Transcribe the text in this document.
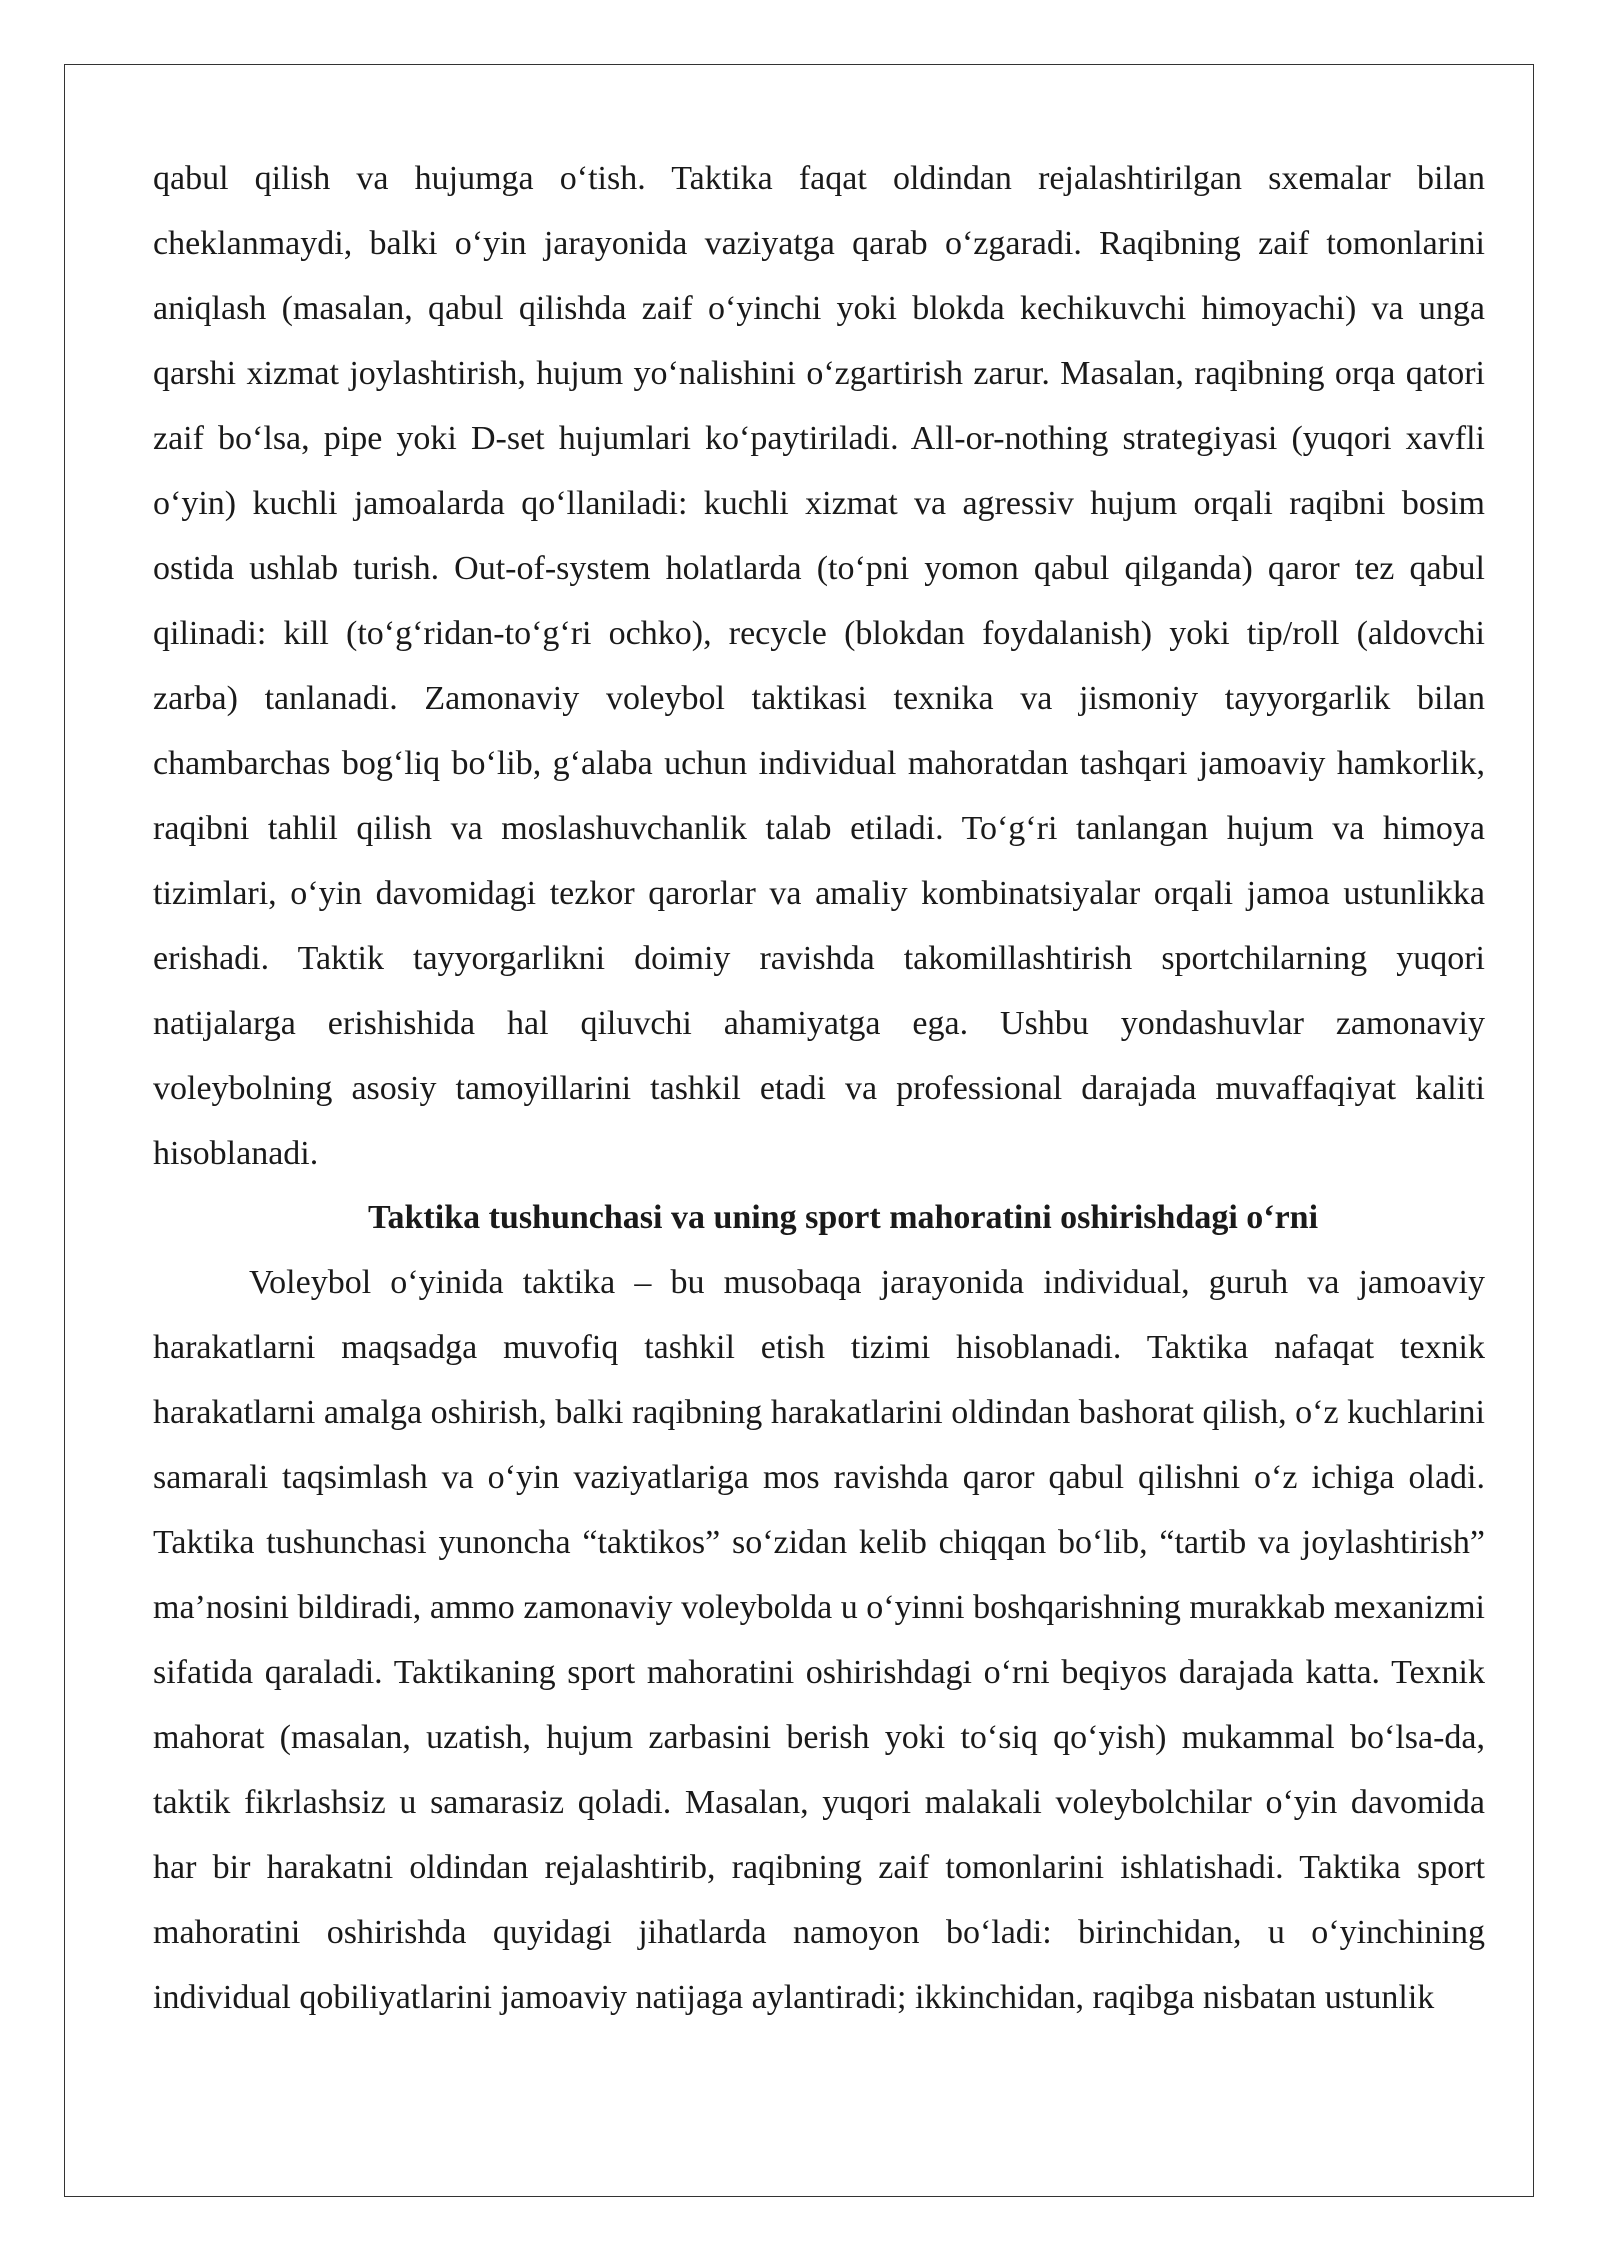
qabul qilish va hujumga o‘tish. Taktika faqat oldindan rejalashtirilgan sxemalar bilan cheklanmaydi, balki o‘yin jarayonida vaziyatga qarab o‘zgaradi. Raqibning zaif tomonlarini aniqlash (masalan, qabul qilishda zaif o‘yinchi yoki blokda kechikuvchi himoyachi) va unga qarshi xizmat joylashtirish, hujum yo‘nalishini o‘zgartirish zarur. Masalan, raqibning orqa qatori zaif bo‘lsa, pipe yoki D-set hujumlari ko‘paytiriladi. All-or-nothing strategiyasi (yuqori xavfli o‘yin) kuchli jamoalarda qo‘llaniladi: kuchli xizmat va agressiv hujum orqali raqibni bosim ostida ushlab turish. Out-of-system holatlarda (to‘pni yomon qabul qilganda) qaror tez qabul qilinadi: kill (to‘g‘ridan-to‘g‘ri ochko), recycle (blokdan foydalanish) yoki tip/roll (aldovchi zarba) tanlanadi. Zamonaviy voleybol taktikasi texnika va jismoniy tayyorgarlik bilan chambarchas bog‘liq bo‘lib, g‘alaba uchun individual mahoratdan tashqari jamoaviy hamkorlik, raqibni tahlil qilish va moslashuvchanlik talab etiladi. To‘g‘ri tanlangan hujum va himoya tizimlari, o‘yin davomidagi tezkor qarorlar va amaliy kombinatsiyalar orqali jamoa ustunlikka erishadi. Taktik tayyorgarlikni doimiy ravishda takomillashtirish sportchilarning yuqori natijalarga erishishida hal qiluvchi ahamiyatga ega. Ushbu yondashuvlar zamonaviy voleybolning asosiy tamoyillarini tashkil etadi va professional darajada muvaffaqiyat kaliti hisoblanadi.

Taktika tushunchasi va uning sport mahoratini oshirishdagi o‘rni

Voleybol o‘yinida taktika – bu musobaqa jarayonida individual, guruh va jamoaviy harakatlarni maqsadga muvofiq tashkil etish tizimi hisoblanadi. Taktika nafaqat texnik harakatlarni amalga oshirish, balki raqibning harakatlarini oldindan bashorat qilish, o‘z kuchlarini samarali taqsimlash va o‘yin vaziyatlariga mos ravishda qaror qabul qilishni o‘z ichiga oladi. Taktika tushunchasi yunoncha “taktikos” so‘zidan kelib chiqqan bo‘lib, “tartib va joylashtirish” ma’nosini bildiradi, ammo zamonaviy voleybolda u o‘yinni boshqarishning murakkab mexanizmi sifatida qaraladi. Taktikaning sport mahoratini oshirishdagi o‘rni beqiyos darajada katta. Texnik mahorat (masalan, uzatish, hujum zarbasini berish yoki to‘siq qo‘yish) mukammal bo‘lsa-da, taktik fikrlashsiz u samarasiz qoladi. Masalan, yuqori malakali voleybolchilar o‘yin davomida har bir harakatni oldindan rejalashtirib, raqibning zaif tomonlarini ishlatishadi. Taktika sport mahoratini oshirishda quyidagi jihatlarda namoyon bo‘ladi: birinchidan, u o‘yinchining individual qobiliyatlarini jamoaviy natijaga aylantiradi; ikkinchidan, raqibga nisbatan ustunlik
